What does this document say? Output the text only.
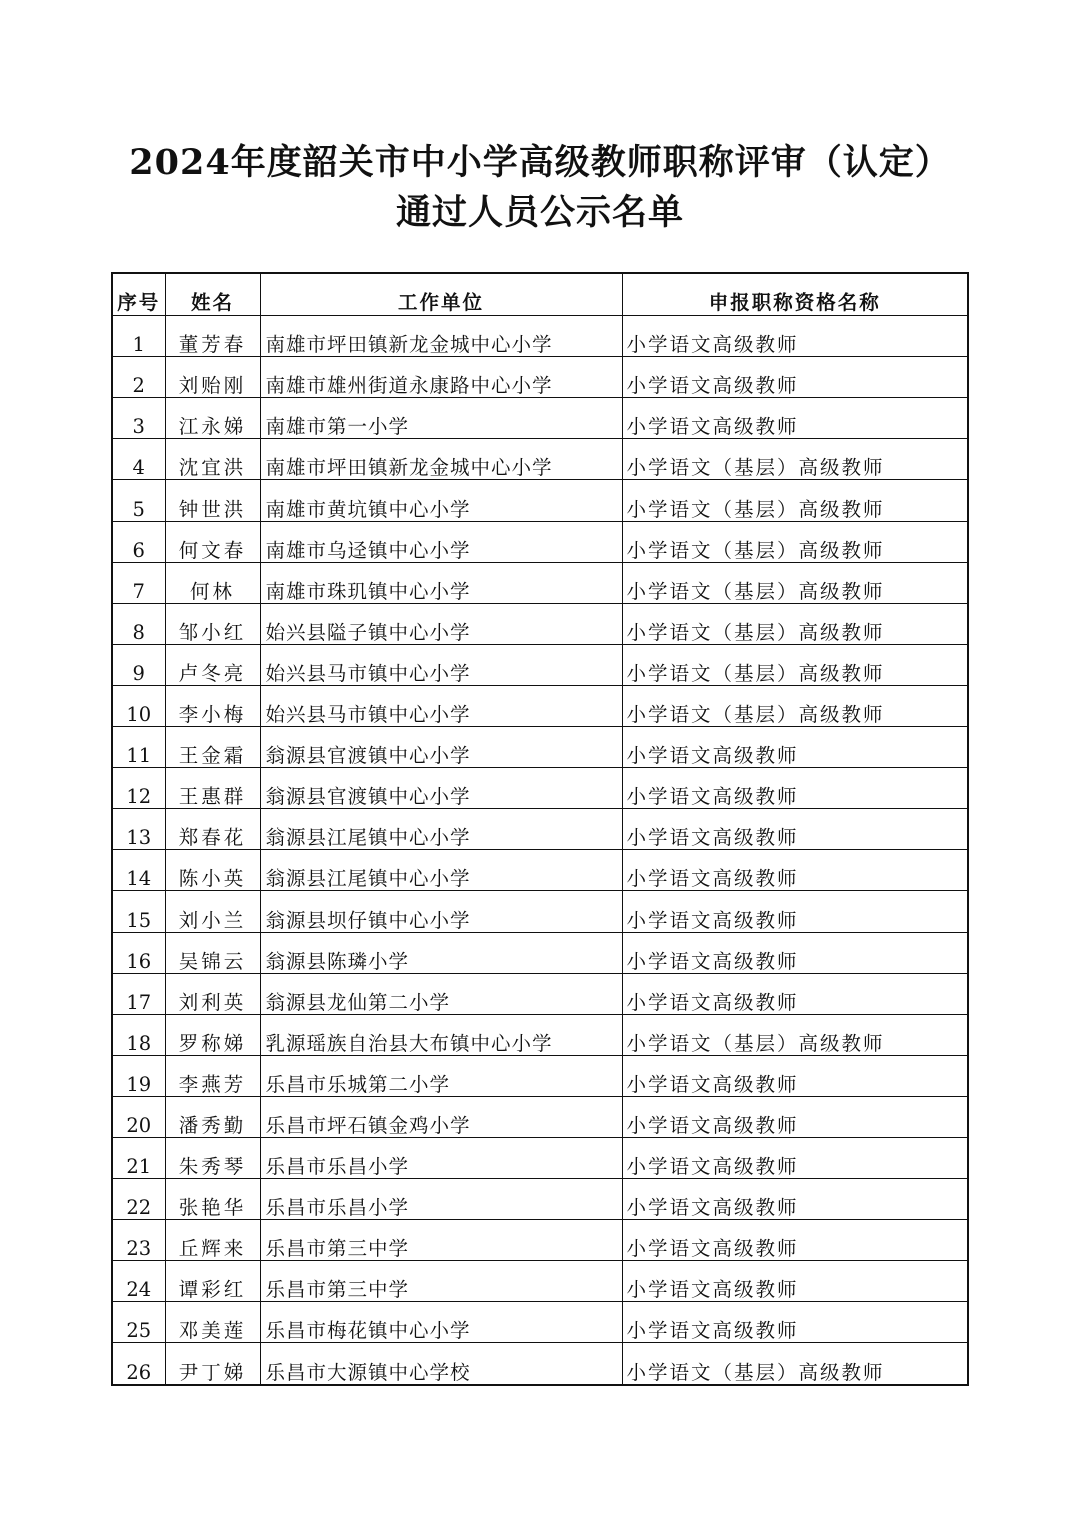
2024年度韶关市中小学高级教师职称评审（认定）
通过人员公示名单
序号	姓名	工作单位	申报职称资格名称
1	董芳春	南雄市坪田镇新龙金城中心小学	小学语文高级教师
2	刘贻刚	南雄市雄州街道永康路中心小学	小学语文高级教师
3	江永娣	南雄市第一小学	小学语文高级教师
4	沈宜洪	南雄市坪田镇新龙金城中心小学	小学语文（基层）高级教师
5	钟世洪	南雄市黄坑镇中心小学	小学语文（基层）高级教师
6	何文春	南雄市乌迳镇中心小学	小学语文（基层）高级教师
7	何林	南雄市珠玑镇中心小学	小学语文（基层）高级教师
8	邹小红	始兴县隘子镇中心小学	小学语文（基层）高级教师
9	卢冬亮	始兴县马市镇中心小学	小学语文（基层）高级教师
10	李小梅	始兴县马市镇中心小学	小学语文（基层）高级教师
11	王金霜	翁源县官渡镇中心小学	小学语文高级教师
12	王惠群	翁源县官渡镇中心小学	小学语文高级教师
13	郑春花	翁源县江尾镇中心小学	小学语文高级教师
14	陈小英	翁源县江尾镇中心小学	小学语文高级教师
15	刘小兰	翁源县坝仔镇中心小学	小学语文高级教师
16	吴锦云	翁源县陈璘小学	小学语文高级教师
17	刘利英	翁源县龙仙第二小学	小学语文高级教师
18	罗称娣	乳源瑶族自治县大布镇中心小学	小学语文（基层）高级教师
19	李燕芳	乐昌市乐城第二小学	小学语文高级教师
20	潘秀勤	乐昌市坪石镇金鸡小学	小学语文高级教师
21	朱秀琴	乐昌市乐昌小学	小学语文高级教师
22	张艳华	乐昌市乐昌小学	小学语文高级教师
23	丘辉来	乐昌市第三中学	小学语文高级教师
24	谭彩红	乐昌市第三中学	小学语文高级教师
25	邓美莲	乐昌市梅花镇中心小学	小学语文高级教师
26	尹丁娣	乐昌市大源镇中心学校	小学语文（基层）高级教师
